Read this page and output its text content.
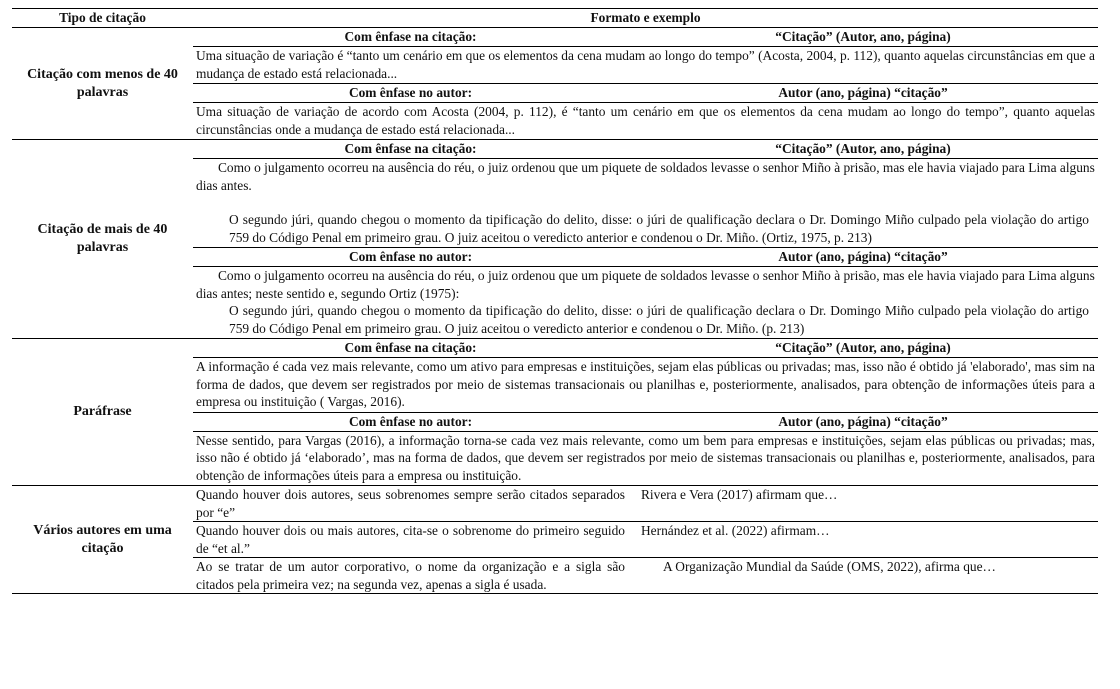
Tipo de citação	Formato e exemplo	
Citação com menos de 40 palavras	Com ênfase na citação:	“Citação” (Autor, ano, página)
	Uma situação de variação é “tanto um cenário em que os elementos da cena mudam ao longo do tempo” (Acosta, 2004, p. 112), quanto aquelas circunstâncias em que a mudança de estado está relacionada...	
	Com ênfase no autor:	Autor (ano, página) “citação”
	Uma situação de variação de acordo com Acosta (2004, p. 112), é “tanto um cenário em que os elementos da cena mudam ao longo do tempo”, quanto aquelas circunstâncias onde a mudança de estado está relacionada...	
Citação de mais de 40 palavras	Com ênfase na citação:	“Citação” (Autor, ano, página)

	Como o julgamento ocorreu na ausência do réu, o juiz ordenou que um piquete de soldados levasse o senhor Miño à prisão, mas ele havia viajado para Lima alguns dias antes.
O segundo júri, quando chegou o momento da tipificação do delito, disse: o júri de qualificação declara o Dr. Domingo Miño culpado pela violação do artigo 759 do Código Penal em primeiro grau. O juiz aceitou o veredicto anterior e condenou o Dr. Miño. (Ortiz, 1975, p. 213)	

	Com ênfase no autor:	Autor (ano, página) “citação”

	Como o julgamento ocorreu na ausência do réu, o juiz ordenou que um piquete de soldados levasse o senhor Miño à prisão, mas ele havia viajado para Lima alguns dias antes; neste sentido e, segundo Ortiz (1975):
O segundo júri, quando chegou o momento da tipificação do delito, disse: o júri de qualificação declara o Dr. Domingo Miño culpado pela violação do artigo 759 do Código Penal em primeiro grau. O juiz aceitou o veredicto anterior e condenou o Dr. Miño. (p. 213)	

Paráfrase	Com ênfase na citação:	“Citação” (Autor, ano, página)
	A informação é cada vez mais relevante, como um ativo para empresas e instituições, sejam elas públicas ou privadas; mas, isso não é obtido já 'elaborado', mas sim na forma de dados, que devem ser registrados por meio de sistemas transacionais ou planilhas e, posteriormente, analisados, para obtenção de informações úteis para a empresa ou instituição ( Vargas, 2016).	
	Com ênfase no autor:	Autor (ano, página) “citação”
	Nesse sentido, para Vargas (2016), a informação torna-se cada vez mais relevante, como um bem para empresas e instituições, sejam elas públicas ou privadas; mas, isso não é obtido já ‘elaborado’, mas na forma de dados, que devem ser registrados por meio de sistemas transacionais ou planilhas e, posteriormente, analisados, para obtenção de informações úteis para a empresa ou instituição.	
Vários autores em uma citação	Quando houver dois autores, seus sobrenomes sempre serão citados separados por “e”	Rivera e Vera (2017) afirmam que…
	Quando houver dois ou mais autores, cita-se o sobrenome do primeiro seguido de “et al.”	Hernández et al. (2022) afirmam…
	Ao se tratar de um autor corporativo, o nome da organização e a sigla são citados pela primeira vez; na segunda vez, apenas a sigla é usada.	A Organização Mundial da Saúde (OMS, 2022), afirma que…
